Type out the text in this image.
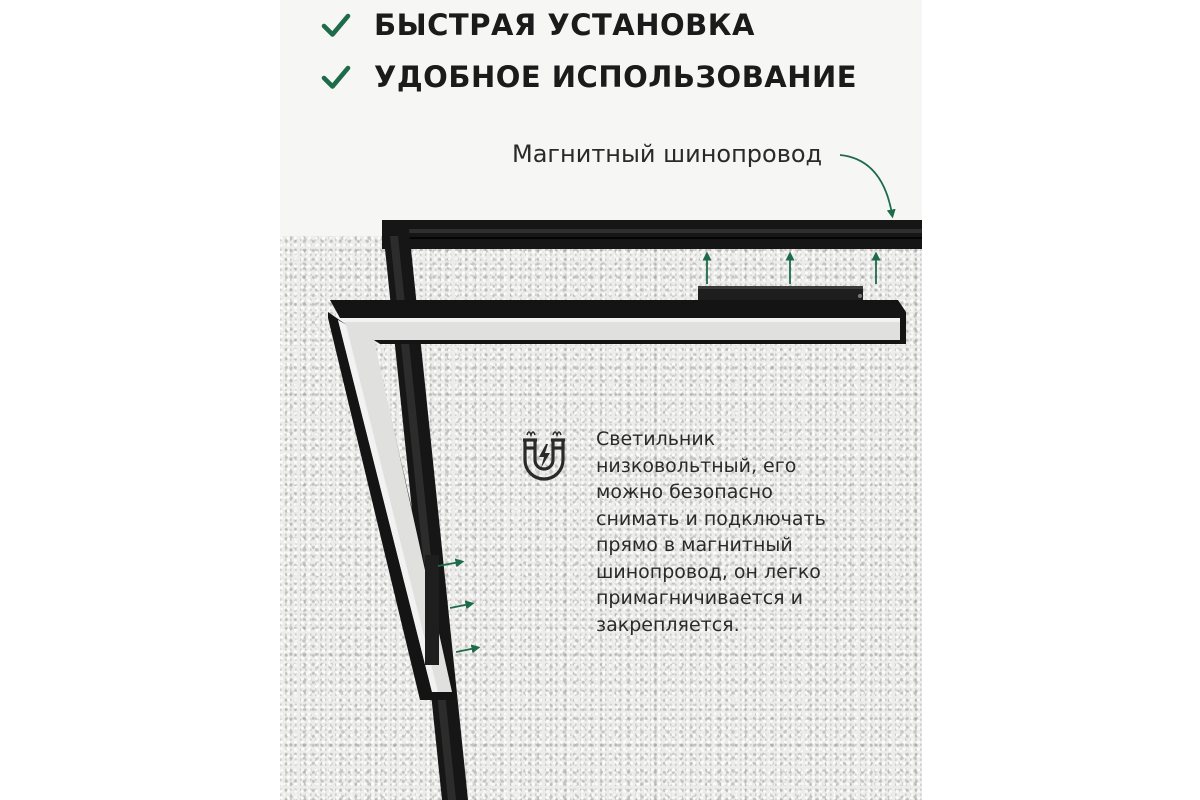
БЫСТРАЯ УСТАНОВКА
УДОБНОЕ ИСПОЛЬЗОВАНИЕ
Магнитный шинопровод

Светильник
низковольтный, его
можно безопасно
снимать и подключать
прямо в магнитный
шинопровод, он легко
примагничивается и
закрепляется.
